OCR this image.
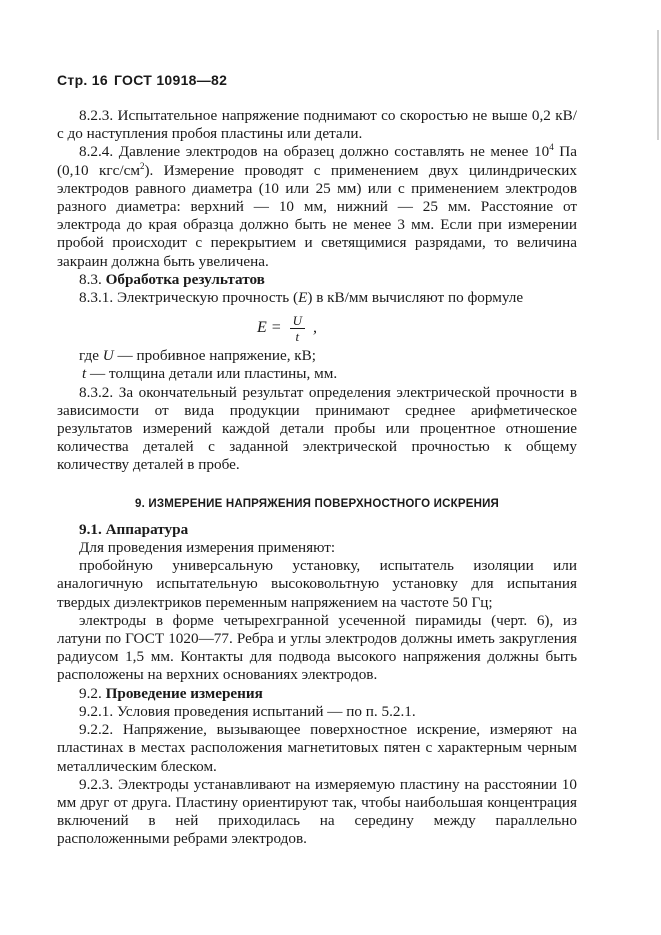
Стр. 16 ГОСТ 10918—82

8.2.3. Испытательное напряжение поднимают со скоростью не выше 0,2 кВ/с до наступления пробоя пластины или детали.

8.2.4. Давление электродов на образец должно составлять не менее $10^4$ Па (0,10 кгс/$см^2$). Измерение проводят с применением двух цилиндрических электродов равного диаметра (10 или 25 мм) или с применением электродов разного диаметра: верхний — 10 мм, нижний — 25 мм. Расстояние от электрода до края образца должно быть не менее 3 мм. Если при измерении пробой происходит с перекрытием и светящимися разрядами, то величина закраин должна быть увеличена.

8.3. Обработка результатов

8.3.1. Электрическую прочность (E) в кВ/мм вычисляют по формуле

$E = \frac{U}{t}$ ,

где U — пробивное напряжение, кВ;

t — толщина детали или пластины, мм.

8.3.2. За окончательный результат определения электрической прочности в зависимости от вида продукции принимают среднее арифметическое результатов измерений каждой детали пробы или процентное отношение количества деталей с заданной электрической прочностью к общему количеству деталей в пробе.

9. ИЗМЕРЕНИЕ НАПРЯЖЕНИЯ ПОВЕРХНОСТНОГО ИСКРЕНИЯ

9.1. Аппаратура

Для проведения измерения применяют:

пробойную универсальную установку, испытатель изоляции или аналогичную испытательную высоковольтную установку для испытания твердых диэлектриков переменным напряжением на частоте 50 Гц;

электроды в форме четырехгранной усеченной пирамиды (черт. 6), из латуни по ГОСТ 1020—77. Ребра и углы электродов должны иметь закругления радиусом 1,5 мм. Контакты для подвода высокого напряжения должны быть расположены на верхних основаниях электродов.

9.2. Проведение измерения

9.2.1. Условия проведения испытаний — по п. 5.2.1.

9.2.2. Напряжение, вызывающее поверхностное искрение, измеряют на пластинах в местах расположения магнетитовых пятен с характерным черным металлическим блеском.

9.2.3. Электроды устанавливают на измеряемую пластину на расстоянии 10 мм друг от друга. Пластину ориентируют так, чтобы наибольшая концентрация включений в ней приходилась на середину между параллельно расположенными ребрами электродов.
